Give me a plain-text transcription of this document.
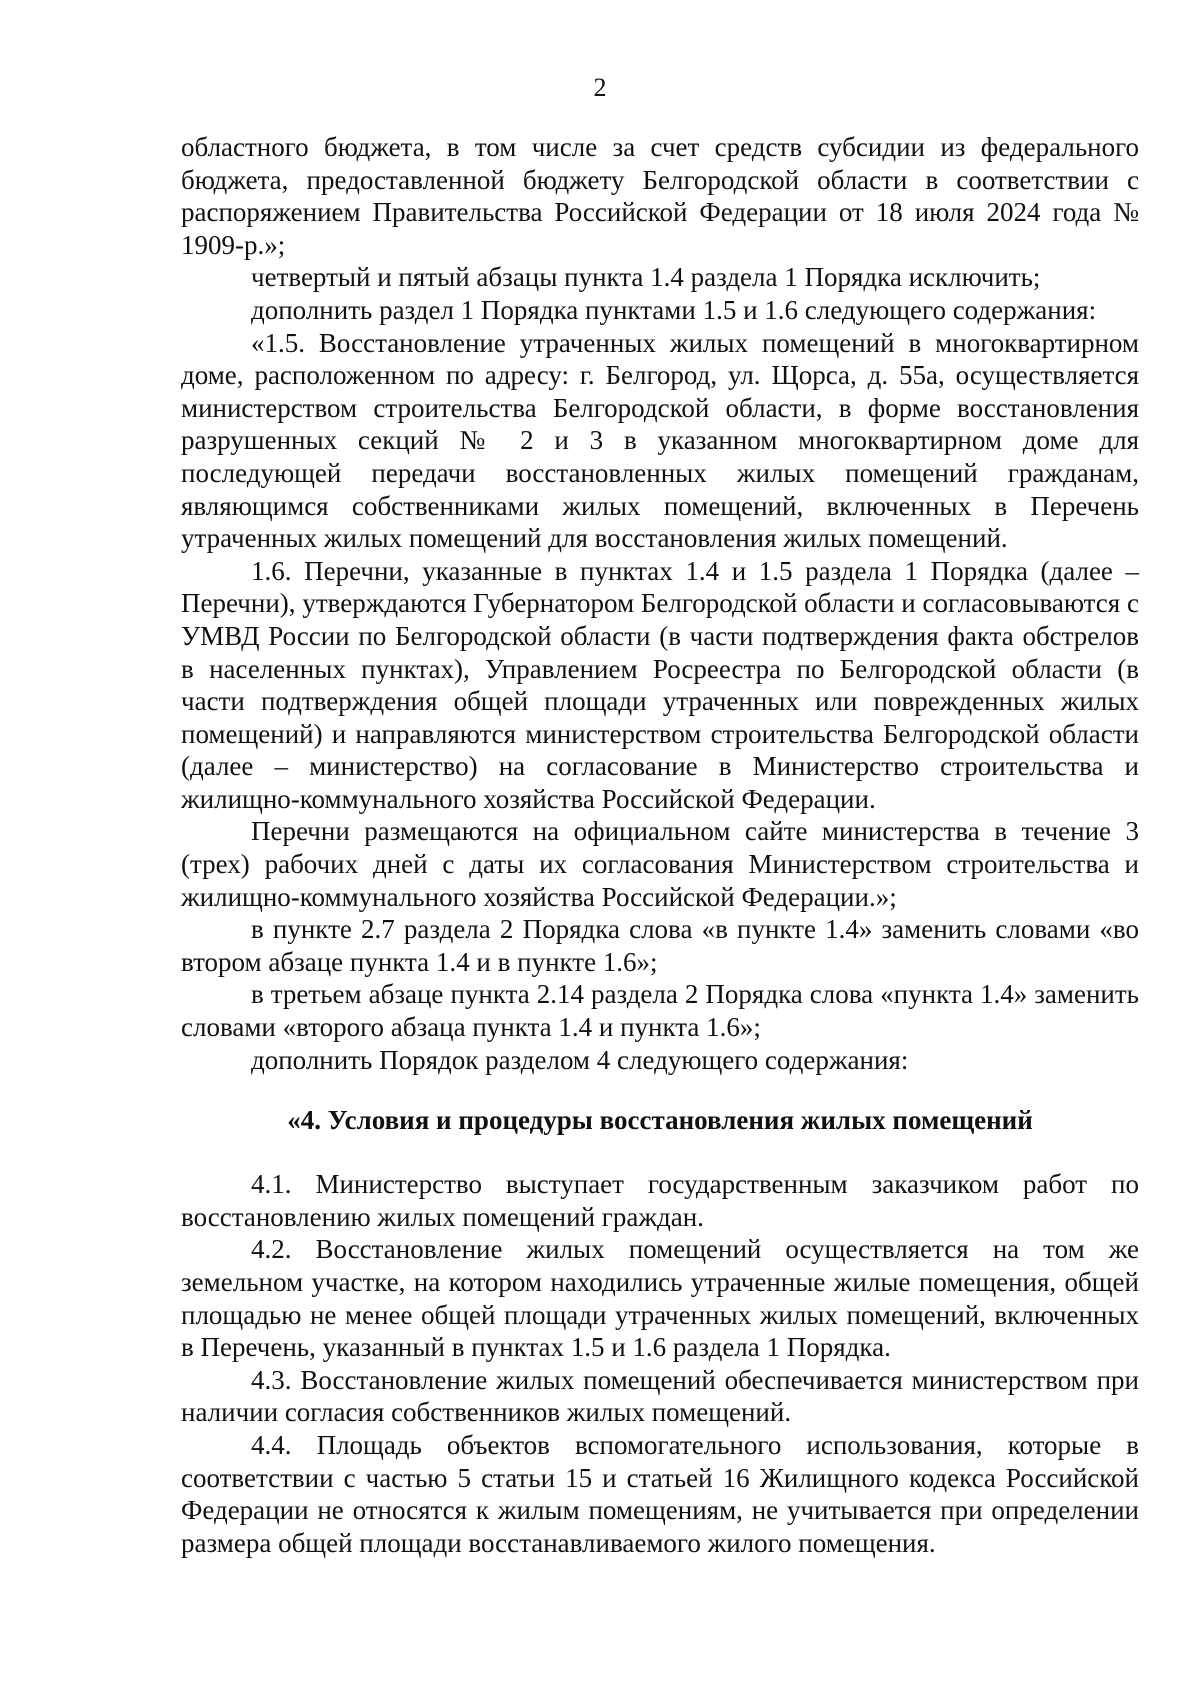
2

областного бюджета, в том числе за счет средств субсидии из федерального бюджета, предоставленной бюджету Белгородской области в соответствии с распоряжением Правительства Российской Федерации от 18 июля 2024 года № 1909-р.»;

четвертый и пятый абзацы пункта 1.4 раздела 1 Порядка исключить;

дополнить раздел 1 Порядка пунктами 1.5 и 1.6 следующего содержания:

«1.5. Восстановление утраченных жилых помещений в многоквартирном доме, расположенном по адресу: г. Белгород, ул. Щорса, д. 55а, осуществляется министерством строительства Белгородской области, в форме восстановления разрушенных секций № 2 и 3 в указанном многоквартирном доме для последующей передачи восстановленных жилых помещений гражданам, являющимся собственниками жилых помещений, включенных в Перечень утраченных жилых помещений для восстановления жилых помещений.

1.6. Перечни, указанные в пунктах 1.4 и 1.5 раздела 1 Порядка (далее – Перечни), утверждаются Губернатором Белгородской области и согласовываются с УМВД России по Белгородской области (в части подтверждения факта обстрелов в населенных пунктах), Управлением Росреестра по Белгородской области (в части подтверждения общей площади утраченных или поврежденных жилых помещений) и направляются министерством строительства Белгородской области (далее – министерство) на согласование в Министерство строительства и жилищно-коммунального хозяйства Российской Федерации.

Перечни размещаются на официальном сайте министерства в течение 3 (трех) рабочих дней с даты их согласования Министерством строительства и жилищно-коммунального хозяйства Российской Федерации.»;

в пункте 2.7 раздела 2 Порядка слова «в пункте 1.4» заменить словами «во втором абзаце пункта 1.4 и в пункте 1.6»;

в третьем абзаце пункта 2.14 раздела 2 Порядка слова «пункта 1.4» заменить словами «второго абзаца пункта 1.4 и пункта 1.6»;

дополнить Порядок разделом 4 следующего содержания:

«4. Условия и процедуры восстановления жилых помещений

4.1. Министерство выступает государственным заказчиком работ по восстановлению жилых помещений граждан.

4.2. Восстановление жилых помещений осуществляется на том же земельном участке, на котором находились утраченные жилые помещения, общей площадью не менее общей площади утраченных жилых помещений, включенных в Перечень, указанный в пунктах 1.5 и 1.6 раздела 1 Порядка.

4.3. Восстановление жилых помещений обеспечивается министерством при наличии согласия собственников жилых помещений.

4.4. Площадь объектов вспомогательного использования, которые в соответствии с частью 5 статьи 15 и статьей 16 Жилищного кодекса Российской Федерации не относятся к жилым помещениям, не учитывается при определении размера общей площади восстанавливаемого жилого помещения.
